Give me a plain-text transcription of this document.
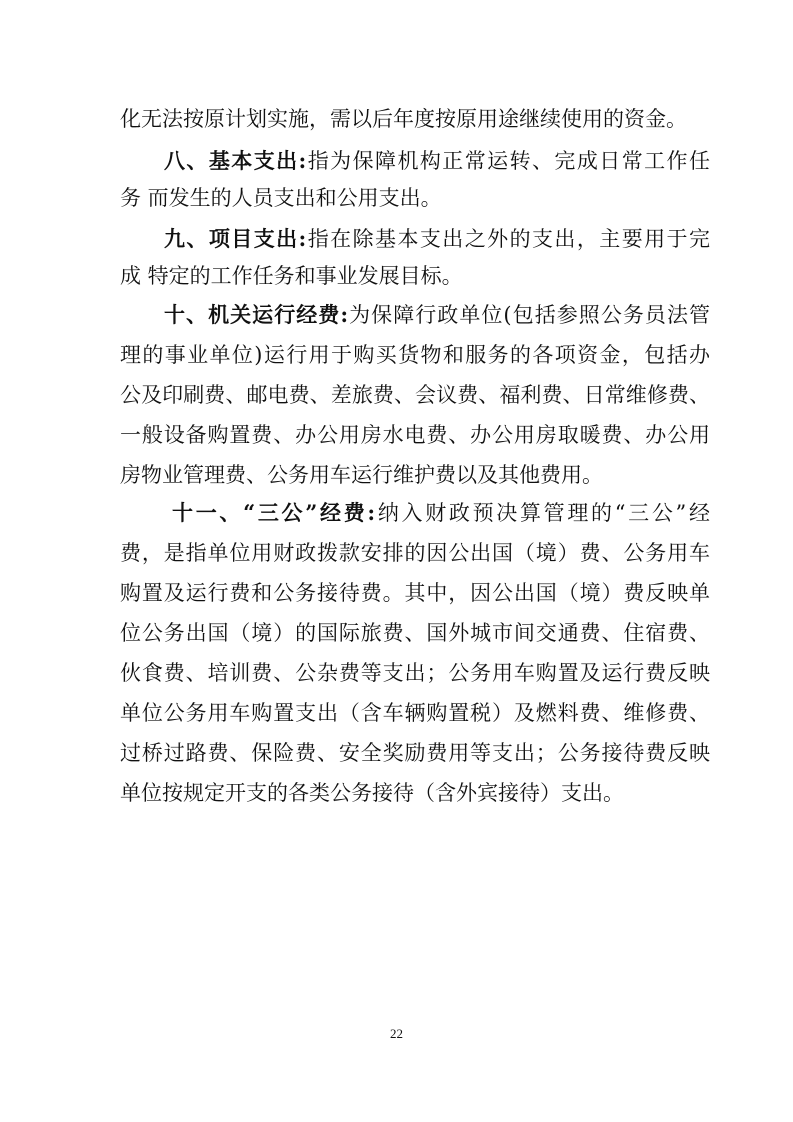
化无法按原计划实施，需以后年度按原用途继续使用的资金。
八、基本支出:指为保障机构正常运转、完成日常工作任
务 而发生的人员支出和公用支出。
九、项目支出:指在除基本支出之外的支出，主要用于完
成 特定的工作任务和事业发展目标。
十、机关运行经费:为保障行政单位(包括参照公务员法管
理的事业单位)运行用于购买货物和服务的各项资金，包括办
公及印刷费、邮电费、差旅费、会议费、福利费、日常维修费、
一般设备购置费、办公用房水电费、办公用房取暖费、办公用
房物业管理费、公务用车运行维护费以及其他费用。
十一、“三公”经费:纳入财政预决算管理的“三公”经
费，是指单位用财政拨款安排的因公出国（境）费、公务用车
购置及运行费和公务接待费。其中，因公出国（境）费反映单
位公务出国（境）的国际旅费、国外城市间交通费、住宿费、
伙食费、培训费、公杂费等支出；公务用车购置及运行费反映
单位公务用车购置支出（含车辆购置税）及燃料费、维修费、
过桥过路费、保险费、安全奖励费用等支出；公务接待费反映
单位按规定开支的各类公务接待（含外宾接待）支出。
22
